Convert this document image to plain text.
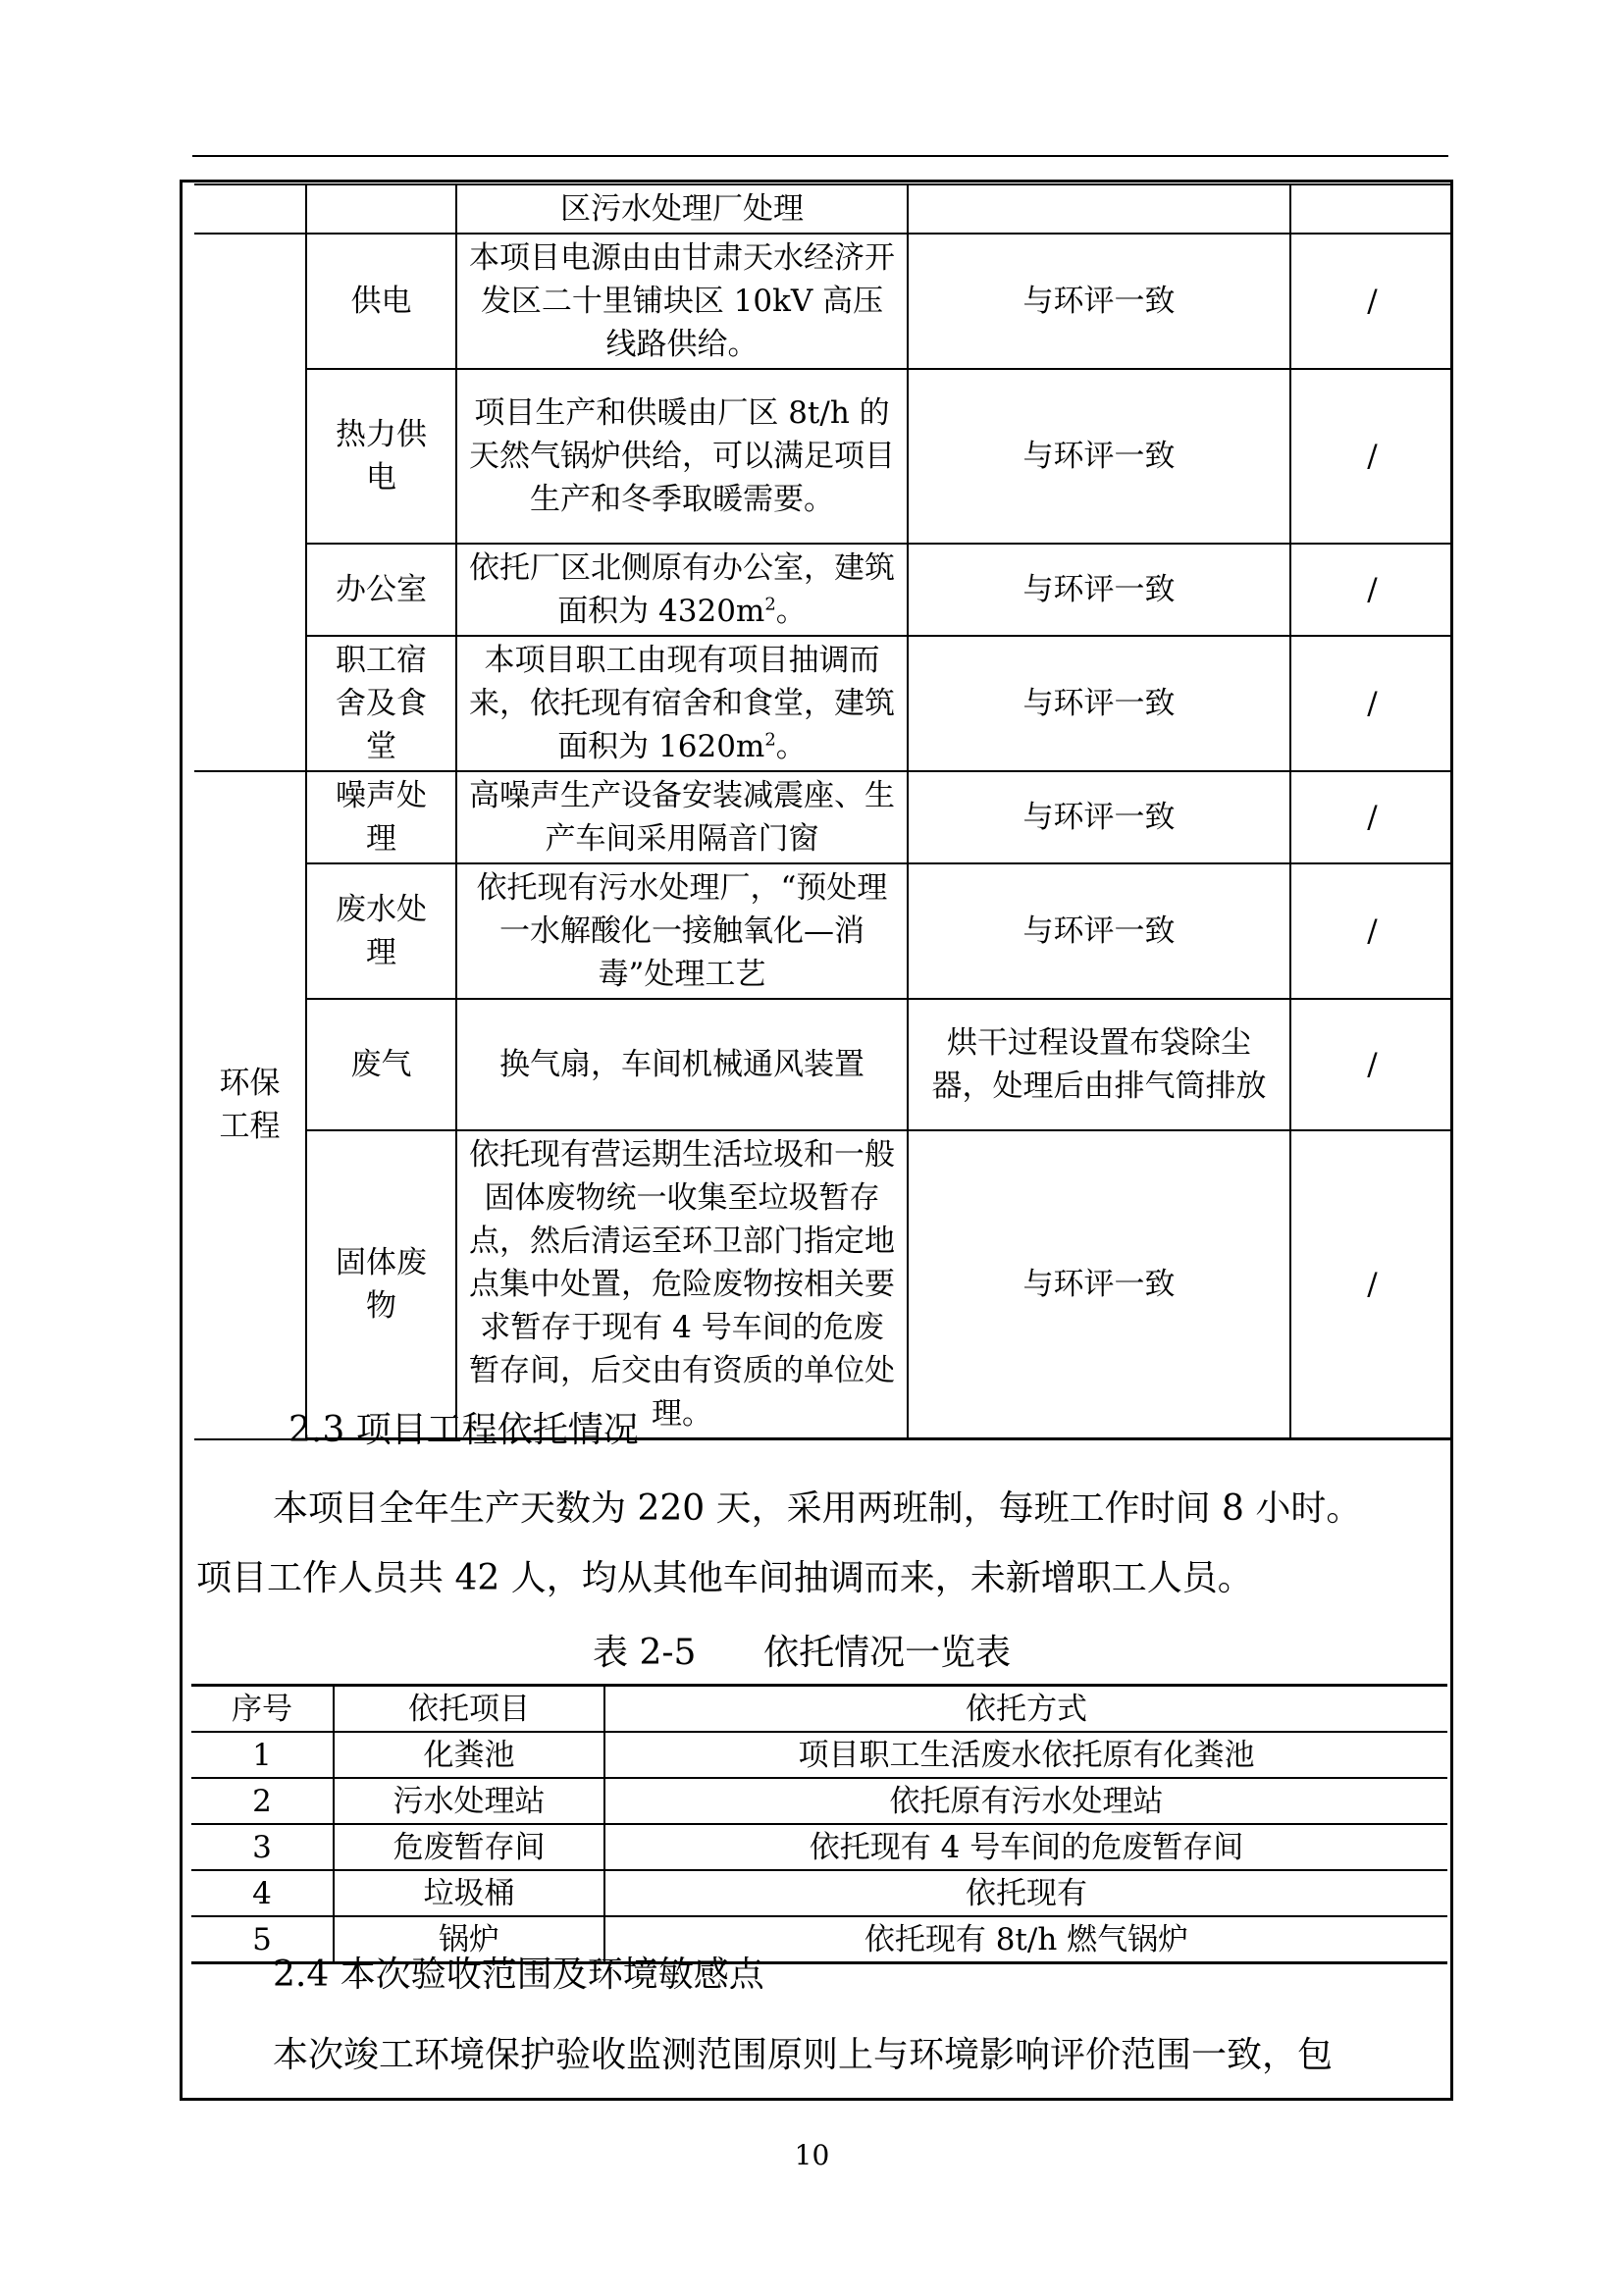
		区污水处理厂处理		
	供电	本项目电源由由甘肃天水经济开发区二十里铺块区 10kV 高压线路供给。	与环评一致	/
	热力供电	项目生产和供暖由厂区 8t/h 的天然气锅炉供给，可以满足项目生产和冬季取暖需要。	与环评一致	/
	办公室	依托厂区北侧原有办公室，建筑面积为 $4320m^2$。	与环评一致	/
	职工宿舍及食堂	本项目职工由现有项目抽调而来，依托现有宿舍和食堂，建筑面积为 $1620m^2$。	与环评一致	/
环保工程	噪声处理	高噪声生产设备安装减震座、生产车间采用隔音门窗	与环评一致	/
	废水处理	依托现有污水处理厂，“预处理一水解酸化一接触氧化—消毒”处理工艺	与环评一致	/
	废气	换气扇，车间机械通风装置	烘干过程设置布袋除尘器，处理后由排气筒排放	/
	固体废物	依托现有营运期生活垃圾和一般固体废物统一收集至垃圾暂存点，然后清运至环卫部门指定地点集中处置，危险废物按相关要求暂存于现有 4 号车间的危废暂存间，后交由有资质的单位处理。	与环评一致	/
2.3 项目工程依托情况
本项目全年生产天数为 220 天，采用两班制，每班工作时间 8 小时。
项目工作人员共 42 人，均从其他车间抽调而来，未新增职工人员。
表 2-5 依托情况一览表
序号	依托项目	依托方式
1	化粪池	项目职工生活废水依托原有化粪池
2	污水处理站	依托原有污水处理站
3	危废暂存间	依托现有 4 号车间的危废暂存间
4	垃圾桶	依托现有
5	锅炉	依托现有 8t/h 燃气锅炉
2.4 本次验收范围及环境敏感点
本次竣工环境保护验收监测范围原则上与环境影响评价范围一致，包
10
